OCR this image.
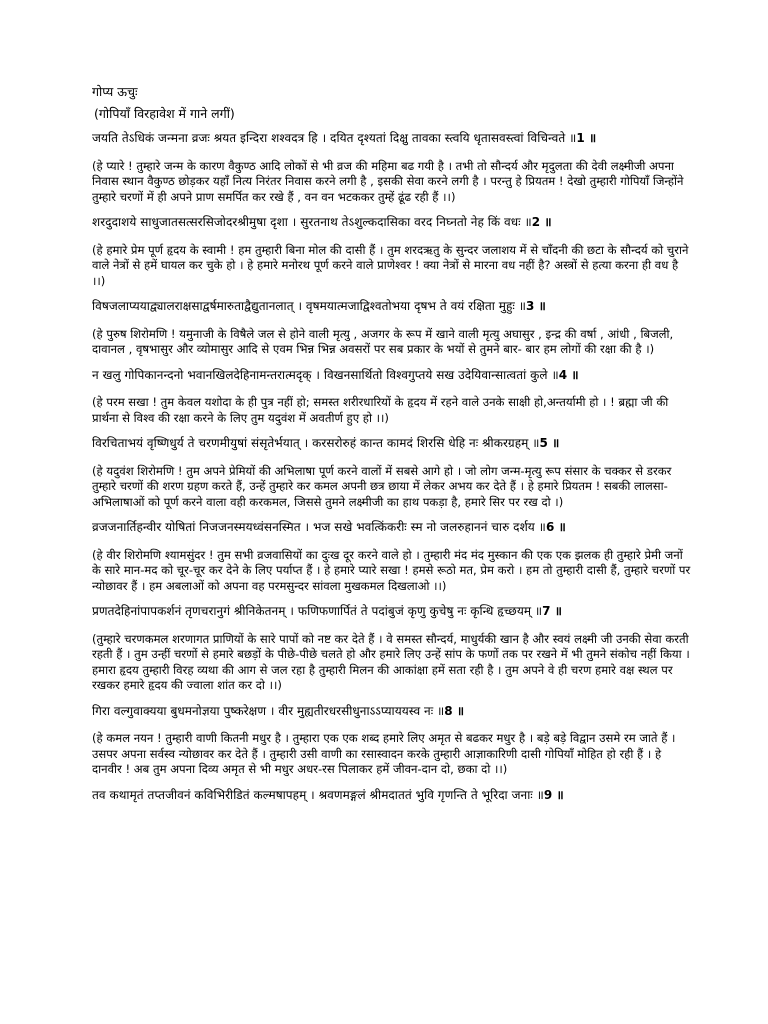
गोप्य ऊचुः
(गोपियाँ विरहावेश में गाने लगीं)
जयति तेऽधिकं जन्मना व्रजः श्रयत इन्दिरा शश्वदत्र हि । दयित दृश्यतां दिक्षु तावका स्त्वयि धृतासवस्त्वां विचिन्वते ॥1 ॥
(हे प्यारे ! तुम्हारे जन्म के कारण वैकुण्ठ आदि लोकों से भी व्रज की महिमा बढ गयी है । तभी तो सौन्दर्य और मृदुलता की देवी लक्ष्मीजी अपना निवास स्थान वैकुण्ठ छोड़कर यहाँ नित्य निरंतर निवास करने लगी है , इसकी सेवा करने लगी है । परन्तु हे प्रियतम ! देखो तुम्हारी गोपियाँ जिन्होंने तुम्हारे चरणों में ही अपने प्राण समर्पित कर रखे हैं , वन वन भटककर तुम्हें ढूंढ रही हैं ।।)
शरदुदाशये साधुजातसत्सरसिजोदरश्रीमुषा दृशा । सुरतनाथ तेऽशुल्कदासिका वरद निघ्नतो नेह किं वधः ॥2 ॥
(हे हमारे प्रेम पूर्ण हृदय के स्वामी ! हम तुम्हारी बिना मोल की दासी हैं । तुम शरदऋतु के सुन्दर जलाशय में से चाँदनी की छटा के सौन्दर्य को चुराने वाले नेत्रों से हमें घायल कर चुके हो । हे हमारे मनोरथ पूर्ण करने वाले प्राणेश्वर ! क्या नेत्रों से मारना वध नहीं है? अस्त्रों से हत्या करना ही वध है ।।)
विषजलाप्ययाद्व्यालराक्षसाद्वर्षमारुताद्वैद्युतानलात् । वृषमयात्मजाद्विश्वतोभया दृषभ ते वयं रक्षिता मुहुः ॥3 ॥
(हे पुरुष शिरोमणि ! यमुनाजी के विषैले जल से होने वाली मृत्यु , अजगर के रूप में खाने वाली मृत्यु अघासुर , इन्द्र की वर्षा , आंधी , बिजली, दावानल , वृषभासुर और व्योमासुर आदि से एवम भिन्न भिन्न अवसरों पर सब प्रकार के भयों से तुमने बार- बार हम लोगों की रक्षा की है ।)
न खलु गोपिकानन्दनो भवानखिलदेहिनामन्तरात्मदृक् । विखनसार्थितो विश्वगुप्तये सख उदेयिवान्सात्वतां कुले ॥4 ॥
(हे परम सखा ! तुम केवल यशोदा के ही पुत्र नहीं हो; समस्त शरीरधारियों के हृदय में रहने वाले उनके साक्षी हो,अन्तर्यामी हो । ! ब्रह्मा जी की प्रार्थना से विश्व की रक्षा करने के लिए तुम यदुवंश में अवतीर्ण हुए हो ।।)
विरचिताभयं वृष्णिधुर्य ते चरणमीयुषां संसृतेर्भयात् । करसरोरुहं कान्त कामदं शिरसि धेहि नः श्रीकरग्रहम् ॥5 ॥
(हे यदुवंश शिरोमणि ! तुम अपने प्रेमियों की अभिलाषा पूर्ण करने वालों में सबसे आगे हो । जो लोग जन्म-मृत्यु रूप संसार के चक्कर से डरकर तुम्हारे चरणों की शरण ग्रहण करते हैं, उन्हें तुम्हारे कर कमल अपनी छत्र छाया में लेकर अभय कर देते हैं । हे हमारे प्रियतम ! सबकी लालसा-अभिलाषाओं को पूर्ण करने वाला वही करकमल, जिससे तुमने लक्ष्मीजी का हाथ पकड़ा है, हमारे सिर पर रख दो ।)
व्रजजनार्तिहन्वीर योषितां निजजनस्मयध्वंसनस्मित । भज सखे भवत्किंकरीः स्म नो जलरुहाननं चारु दर्शय ॥6 ॥
(हे वीर शिरोमणि श्यामसुंदर ! तुम सभी व्रजवासियों का दुःख दूर करने वाले हो । तुम्हारी मंद मंद मुस्कान की एक एक झलक ही तुम्हारे प्रेमी जनों के सारे मान-मद को चूर-चूर कर देने के लिए पर्याप्त हैं । हे हमारे प्यारे सखा ! हमसे रूठो मत, प्रेम करो । हम तो तुम्हारी दासी हैं, तुम्हारे चरणों पर न्योछावर हैं । हम अबलाओं को अपना वह परमसुन्दर सांवला मुखकमल दिखलाओ ।।)
प्रणतदेहिनांपापकर्शनं तृणचरानुगं श्रीनिकेतनम् । फणिफणार्पितं ते पदांबुजं कृणु कुचेषु नः कृन्धि हृच्छयम् ॥7 ॥
(तुम्हारे चरणकमल शरणागत प्राणियों के सारे पापों को नष्ट कर देते हैं । वे समस्त सौन्दर्य, माधुर्यकी खान है और स्वयं लक्ष्मी जी उनकी सेवा करती रहती हैं । तुम उन्हीं चरणों से हमारे बछड़ों के पीछे-पीछे चलते हो और हमारे लिए उन्हें सांप के फणों तक पर रखने में भी तुमने संकोच नहीं किया । हमारा हृदय तुम्हारी विरह व्यथा की आग से जल रहा है तुम्हारी मिलन की आकांक्षा हमें सता रही है । तुम अपने वे ही चरण हमारे वक्ष स्थल पर रखकर हमारे हृदय की ज्वाला शांत कर दो ।।)
गिरा वल्गुवाक्यया बुधमनोज्ञया पुष्करेक्षण । वीर मुह्यतीरधरसीधुनाऽऽप्याययस्व नः ॥8 ॥
(हे कमल नयन ! तुम्हारी वाणी कितनी मधुर है । तुम्हारा एक एक शब्द हमारे लिए अमृत से बढकर मधुर है । बड़े बड़े विद्वान उसमे रम जाते हैं । उसपर अपना सर्वस्व न्योछावर कर देते हैं । तुम्हारी उसी वाणी का रसास्वादन करके तुम्हारी आज्ञाकारिणी दासी गोपियाँ मोहित हो रही हैं । हे दानवीर ! अब तुम अपना दिव्य अमृत से भी मधुर अधर-रस पिलाकर हमें जीवन-दान दो, छका दो ।।)
तव कथामृतं तप्तजीवनं कविभिरीडितं कल्मषापहम् । श्रवणमङ्गलं श्रीमदाततं भुवि गृणन्ति ते भूरिदा जनाः ॥9 ॥
